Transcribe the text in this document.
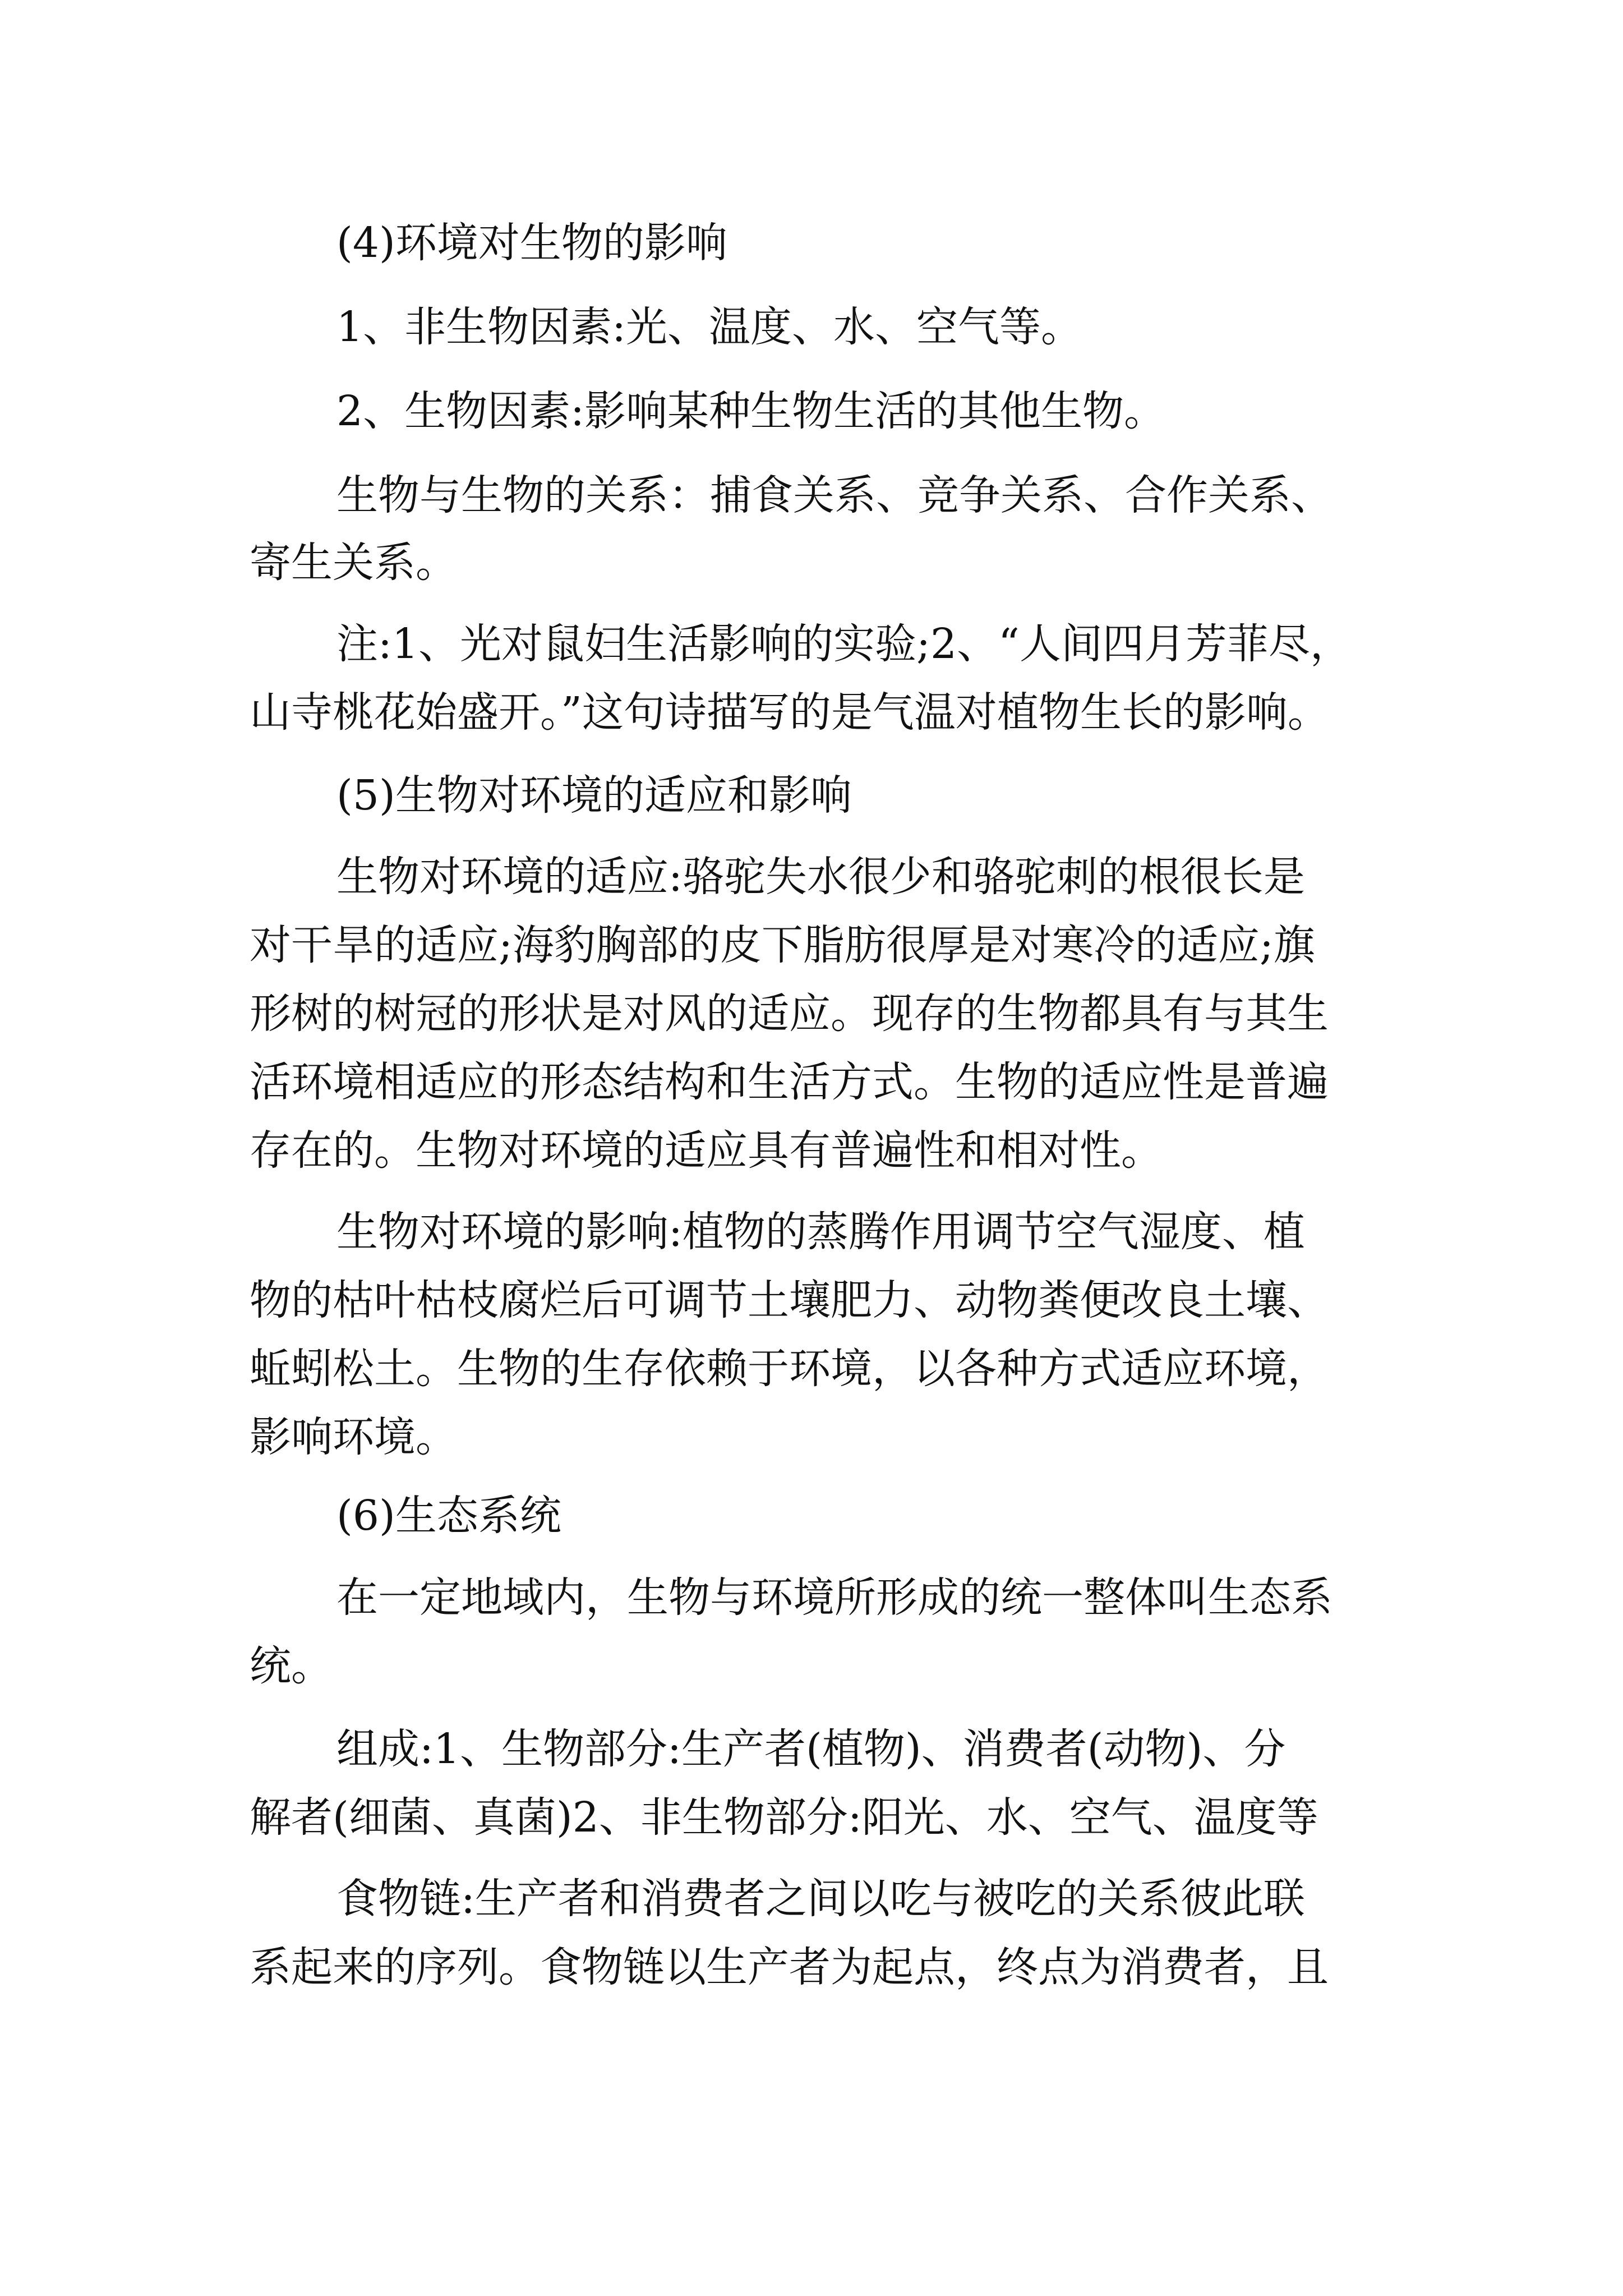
(4)环境对生物的影响
1、非生物因素:光、温度、水、空气等。
2、生物因素:影响某种生物生活的其他生物。
生物与生物的关系：捕食关系、竞争关系、合作关系、
寄生关系。
注:1、光对鼠妇生活影响的实验;2、“人间四月芳菲尽，
山寺桃花始盛开。”这句诗描写的是气温对植物生长的影响。
(5)生物对环境的适应和影响
生物对环境的适应:骆驼失水很少和骆驼刺的根很长是
对干旱的适应;海豹胸部的皮下脂肪很厚是对寒冷的适应;旗
形树的树冠的形状是对风的适应。现存的生物都具有与其生
活环境相适应的形态结构和生活方式。生物的适应性是普遍
存在的。生物对环境的适应具有普遍性和相对性。
生物对环境的影响:植物的蒸腾作用调节空气湿度、植
物的枯叶枯枝腐烂后可调节土壤肥力、动物粪便改良土壤、
蚯蚓松土。生物的生存依赖于环境，以各种方式适应环境，
影响环境。
(6)生态系统
在一定地域内，生物与环境所形成的统一整体叫生态系
统。
组成:1、生物部分:生产者(植物)、消费者(动物)、分
解者(细菌、真菌)2、非生物部分:阳光、水、空气、温度等
食物链:生产者和消费者之间以吃与被吃的关系彼此联
系起来的序列。食物链以生产者为起点，终点为消费者，且
